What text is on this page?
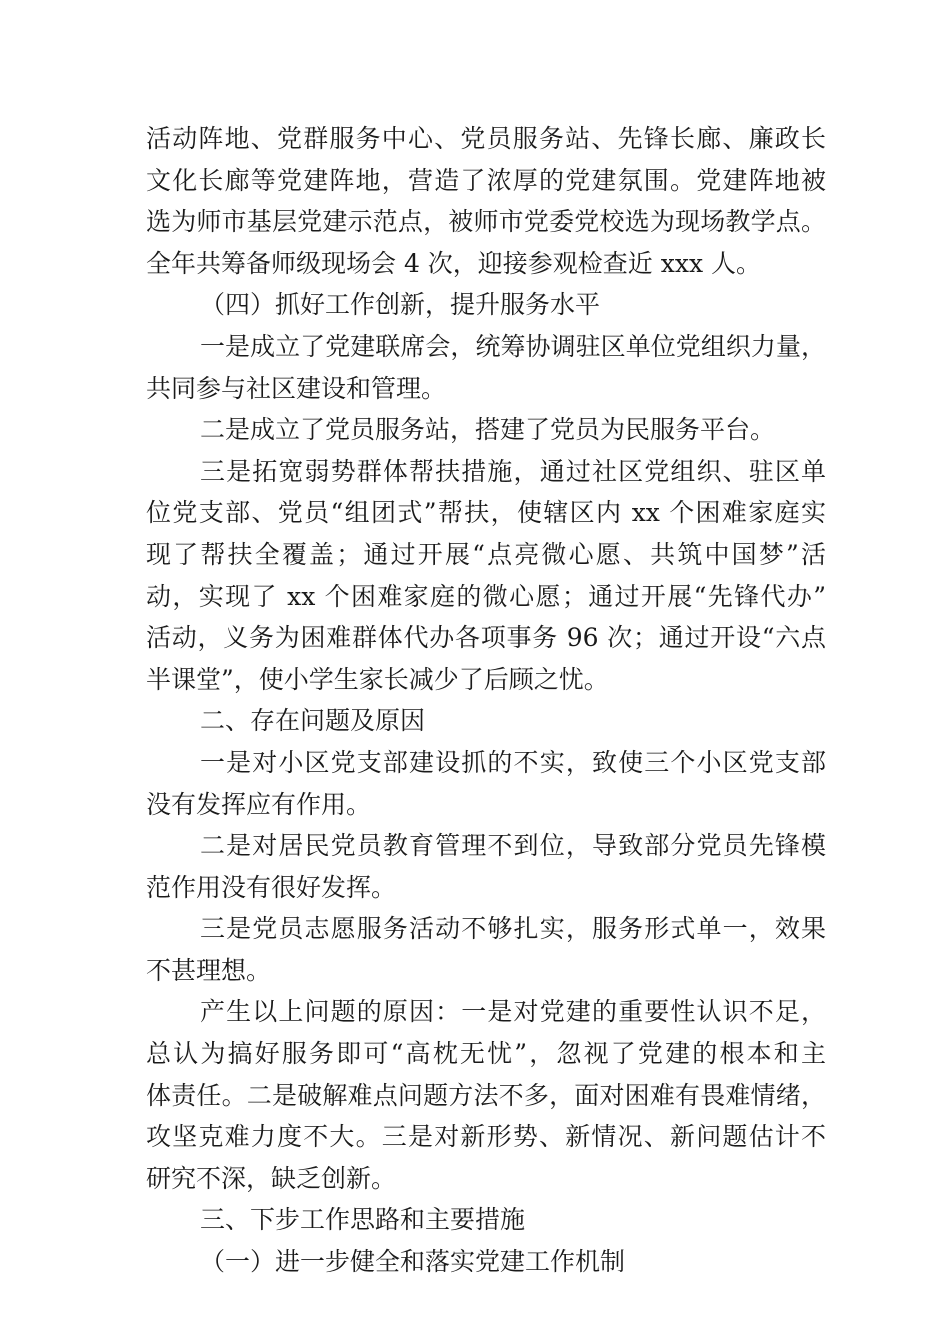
活动阵地、党群服务中心、党员服务站、先锋长廊、廉政长
文化长廊等党建阵地，营造了浓厚的党建氛围。党建阵地被
选为师市基层党建示范点，被师市党委党校选为现场教学点。
全年共筹备师级现场会 4 次，迎接参观检查近 xxx 人。
（四）抓好工作创新，提升服务水平
一是成立了党建联席会，统筹协调驻区单位党组织力量，
共同参与社区建设和管理。
二是成立了党员服务站，搭建了党员为民服务平台。
三是拓宽弱势群体帮扶措施，通过社区党组织、驻区单
位党支部、党员“组团式”帮扶，使辖区内 xx 个困难家庭实
现了帮扶全覆盖；通过开展“点亮微心愿、共筑中国梦”活
动，实现了 xx 个困难家庭的微心愿；通过开展“先锋代办”
活动，义务为困难群体代办各项事务 96 次；通过开设“六点
半课堂”，使小学生家长减少了后顾之忧。
二、存在问题及原因
一是对小区党支部建设抓的不实，致使三个小区党支部
没有发挥应有作用。
二是对居民党员教育管理不到位，导致部分党员先锋模
范作用没有很好发挥。
三是党员志愿服务活动不够扎实，服务形式单一，效果
不甚理想。
产生以上问题的原因：一是对党建的重要性认识不足，
总认为搞好服务即可“高枕无忧”，忽视了党建的根本和主
体责任。二是破解难点问题方法不多，面对困难有畏难情绪，
攻坚克难力度不大。三是对新形势、新情况、新问题估计不
研究不深，缺乏创新。
三、下步工作思路和主要措施
（一）进一步健全和落实党建工作机制
